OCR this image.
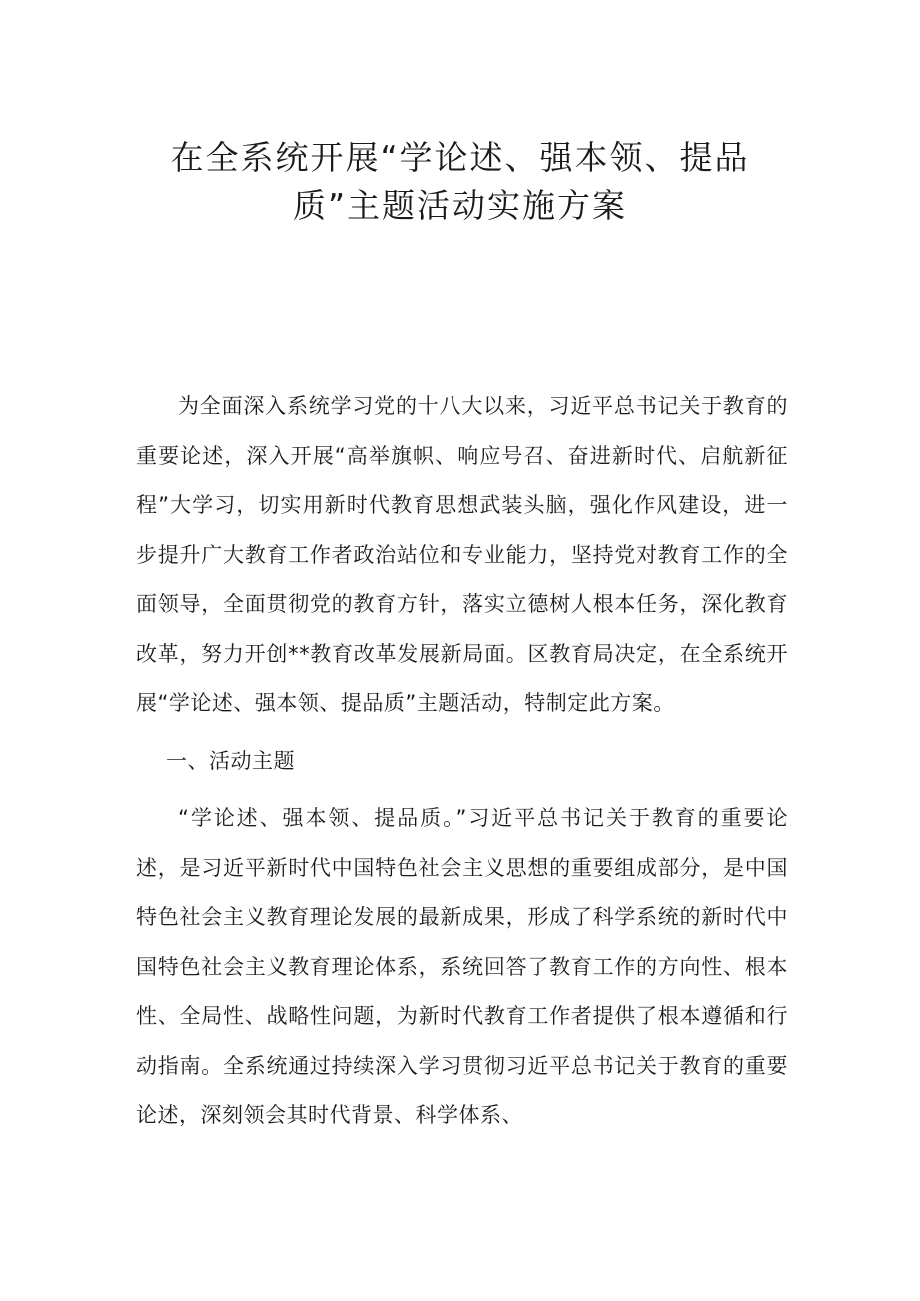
在全系统开展“学论述、强本领、提品
质”主题活动实施方案

为全面深入系统学习党的十八大以来，习近平总书记关于教育的重要论述，深入开展“高举旗帜、响应号召、奋进新时代、启航新征程”大学习，切实用新时代教育思想武装头脑，强化作风建设，进一步提升广大教育工作者政治站位和专业能力，坚持党对教育工作的全面领导，全面贯彻党的教育方针，落实立德树人根本任务，深化教育改革，努力开创**教育改革发展新局面。区教育局决定，在全系统开展“学论述、强本领、提品质”主题活动，特制定此方案。

一、活动主题

“学论述、强本领、提品质。”习近平总书记关于教育的重要论述，是习近平新时代中国特色社会主义思想的重要组成部分，是中国特色社会主义教育理论发展的最新成果，形成了科学系统的新时代中国特色社会主义教育理论体系，系统回答了教育工作的方向性、根本性、全局性、战略性问题，为新时代教育工作者提供了根本遵循和行动指南。全系统通过持续深入学习贯彻习近平总书记关于教育的重要论述，深刻领会其时代背景、科学体系、
